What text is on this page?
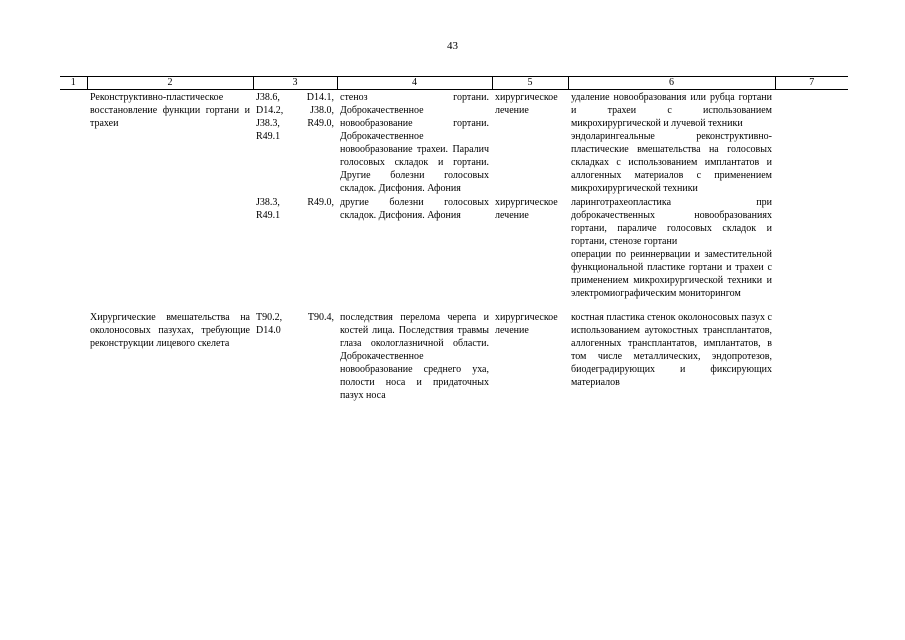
43
1	2	3		4	5	6	7
	Реконструктивно-пластическое восстановление функции гортани и трахеи	J38.6, D14.2, J38.3, R49.1	D14.1, J38.0, R49.0,	стеноз гортани. Доброкачественное новообразование гортани. Доброкачественное новообразование трахеи. Паралич голосовых складок и гортани. Другие болезни голосовых складок. Дисфония. Афония	хирургическое лечение	удаление новообразования или рубца гортани и трахеи с использованием микрохирургической и лучевой техники
эндоларингеальные реконструктивно-пластические вмешательства на голосовых складках с использованием имплантатов и аллогенных материалов с применением микрохирургической техники	

		J38.3, R49.1	R49.0,	другие болезни голосовых складок. Дисфония. Афония	хирургическое лечение	ларинготрахеопластика при доброкачественных новообразованиях гортани, параличе голосовых складок и гортани, стенозе гортани
операции по реиннервации и заместительной функциональной пластике гортани и трахеи с применением микрохирургической техники и электромиографическим мониторингом	

	Хирургические вмешательства на околоносовых пазухах, требующие реконструкции лицевого скелета	T90.2, D14.0	T90.4,	последствия перелома черепа и костей лица. Последствия травмы глаза окологлазничной области. Доброкачественное новообразование среднего уха, полости носа и придаточных пазух носа	хирургическое лечение	костная пластика стенок околоносовых пазух с использованием аутокостных трансплантатов, аллогенных трансплантатов, имплантатов, в том числе металлических, эндопротезов, биодеградирующих и фиксирующих материалов	
